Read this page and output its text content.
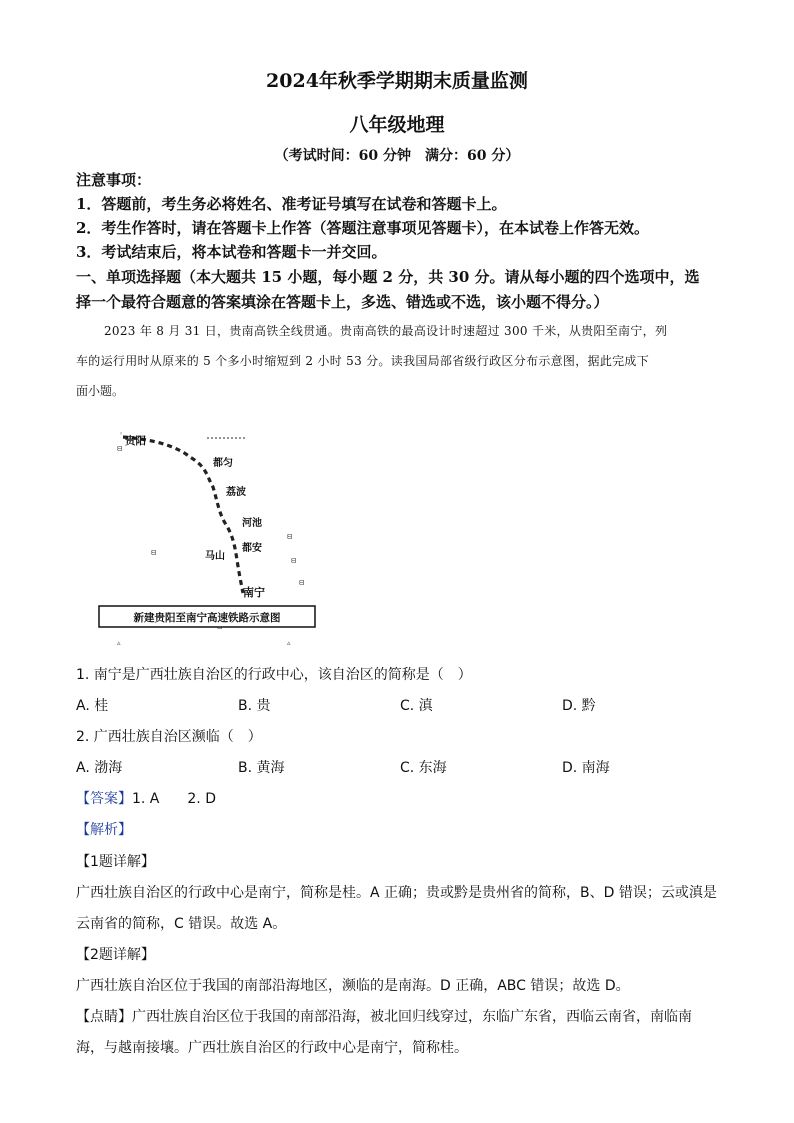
2024年秋季学期期末质量监测
八年级地理
（考试时间：60 分钟　满分：60 分）
注意事项：
1．答题前，考生务必将姓名、准考证号填写在试卷和答题卡上。
2．考生作答时，请在答题卡上作答（答题注意事项见答题卡），在本试卷上作答无效。
3．考试结束后，将本试卷和答题卡一并交回。
一、单项选择题（本大题共 15 小题，每小题 2 分，共 30 分。请从每小题的四个选项中，选
择一个最符合题意的答案填涂在答题卡上，多选、错选或不选，该小题不得分。）
2023 年 8 月 31 日，贵南高铁全线贯通。贵南高铁的最高设计时速超过 300 千米，从贵阳至南宁，列
车的运行用时从原来的 5 个多小时缩短到 2 小时 53 分。读我国局部省级行政区分布示意图，据此完成下
面小题。
◦
ᗺ
ᗺ
ᗺ
ᗺ
ᗺ
▵	▵
贵阳
都匀
荔波
河池
都安
马山
南宁
新建贵阳至南宁高速铁路示意图
1. 南宁是广西壮族自治区的行政中心，该自治区的简称是（　）
A. 桂	B. 贵	C. 滇	D. 黔
2. 广西壮族自治区濒临（　）
A. 渤海	B. 黄海	C. 东海	D. 南海
【答案】1. A　　2. D
【解析】
【1题详解】
广西壮族自治区的行政中心是南宁，简称是桂。A 正确；贵或黔是贵州省的简称，B、D 错误；云或滇是
云南省的简称，C 错误。故选 A。
【2题详解】
广西壮族自治区位于我国的南部沿海地区，濒临的是南海。D 正确，ABC 错误；故选 D。
【点睛】广西壮族自治区位于我国的南部沿海，被北回归线穿过，东临广东省，西临云南省，南临南
海，与越南接壤。广西壮族自治区的行政中心是南宁，简称桂。
